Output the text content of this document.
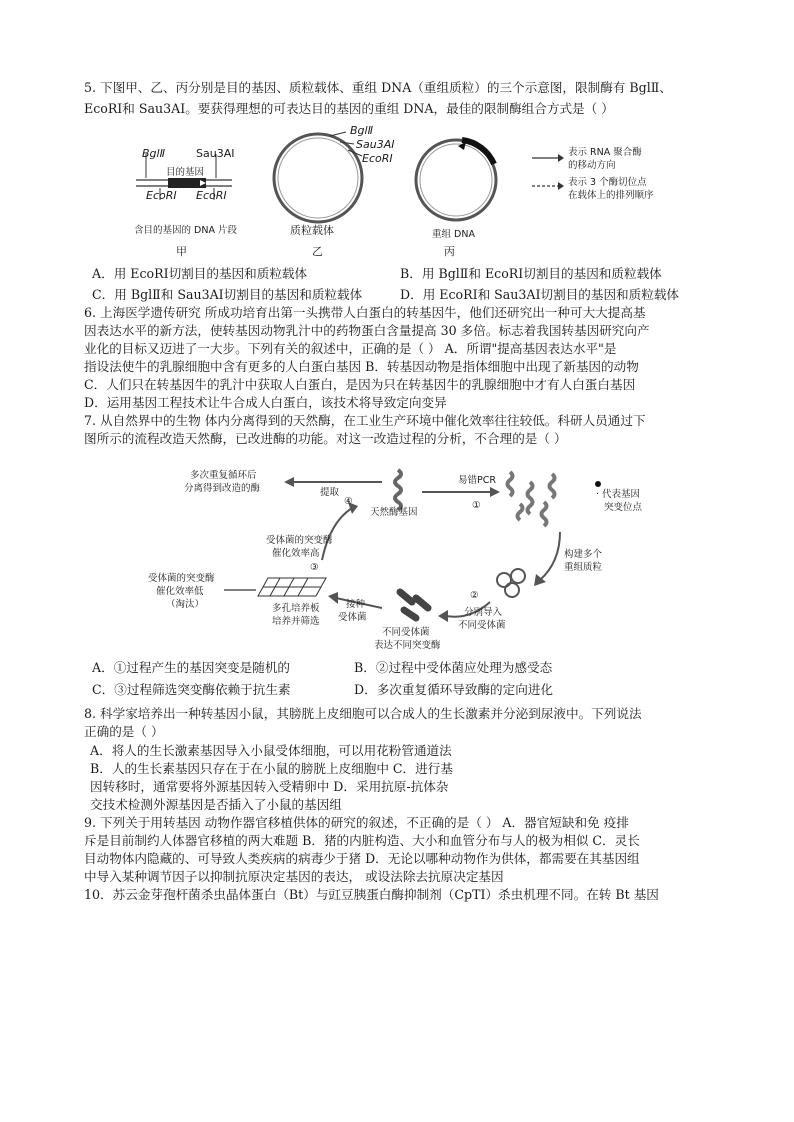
5. 下图甲、乙、丙分别是目的基因、质粒载体、重组 DNA（重组质粒）的三个示意图，限制酶有 BglⅡ、
EcoRⅠ和 Sau3AⅠ。要获得理想的可表达目的基因的重组 DNA，最佳的限制酶组合方式是（ ）
BglⅡ	Sau3AⅠ
目的基因
EcoRⅠ EcoRⅠ
含目的基因的 DNA 片段
甲
BglⅡ
Sau3AⅠ
EcoRⅠ
质粒载体
乙
重组 DNA
丙
表示 RNA 聚合酶
的移动方向
表示 3 个酶切位点
在载体上的排列顺序
A．用 EcoRⅠ切割目的基因和质粒载体	B．用 BglⅡ和 EcoRⅠ切割目的基因和质粒载体
C．用 BglⅡ和 Sau3AⅠ切割目的基因和质粒载体	D．用 EcoRⅠ和 Sau3AⅠ切割目的基因和质粒载体
6. 上海医学遗传研究 所成功培育出第一头携带人白蛋白的转基因牛，他们还研究出一种可大大提高基
因表达水平的新方法，使转基因动物乳汁中的药物蛋白含量提高 30 多倍。标志着我国转基因研究向产
业化的目标又迈进了一大步。下列有关的叙述中，正确的是（ ） A．所谓"提高基因表达水平"是
指设法使牛的乳腺细胞中含有更多的人白蛋白基因 B．转基因动物是指体细胞中出现了新基因的动物
C．人们只在转基因牛的乳汁中获取人白蛋白，是因为只在转基因牛的乳腺细胞中才有人白蛋白基因
D．运用基因工程技术让牛合成人白蛋白，该技术将导致定向变异
7. 从自然界中的生物 体内分离得到的天然酶，在工业生产环境中催化效率往往较低。科研人员通过下
图所示的流程改造天然酶，已改进酶的功能。对这一改造过程的分析，不合理的是（ ）
多次重复循环后
分离得到改造的酶	提取
④
天然酶基因
易错PCR
①
· 代表基因
突变位点
构建多个
重组质粒
②
分别导入
不同受体菌
不同受体菌
表达不同突变酶
接种
受体菌
③
多孔培养板
培养并筛选
受体菌的突变酶
催化效率高
受体菌的突变酶
催化效率低
（淘汰）
A．①过程产生的基因突变是随机的	B．②过程中受体菌应处理为感受态
C．③过程筛选突变酶依赖于抗生素	D．多次重复循环导致酶的定向进化
8. 科学家培养出一种转基因小鼠，其膀胱上皮细胞可以合成人的生长激素并分泌到尿液中。下列说法
正确的是（ ）
A．将人的生长激素基因导入小鼠受体细胞，可以用花粉管通道法
B．人的生长素基因只存在于在小鼠的膀胱上皮细胞中 C．进行基
因转移时，通常要将外源基因转入受精卵中 D．采用抗原-抗体杂
交技术检测外源基因是否插入了小鼠的基因组
9. 下列关于用转基因 动物作器官移植供体的研究的叙述，不正确的是（ ） A．器官短缺和免 疫排
斥是目前制约人体器官移植的两大难题 B．猪的内脏构造、大小和血管分布与人的极为相似 C．灵长
目动物体内隐藏的、可导致人类疾病的病毒少于猪 D．无论以哪种动物作为供体，都需要在其基因组
中导入某种调节因子以抑制抗原决定基因的表达， 或设法除去抗原决定基因
10．苏云金芽孢杆菌杀虫晶体蛋白（Bt）与豇豆胰蛋白酶抑制剂（CpTI）杀虫机理不同。在转 Bt 基因
